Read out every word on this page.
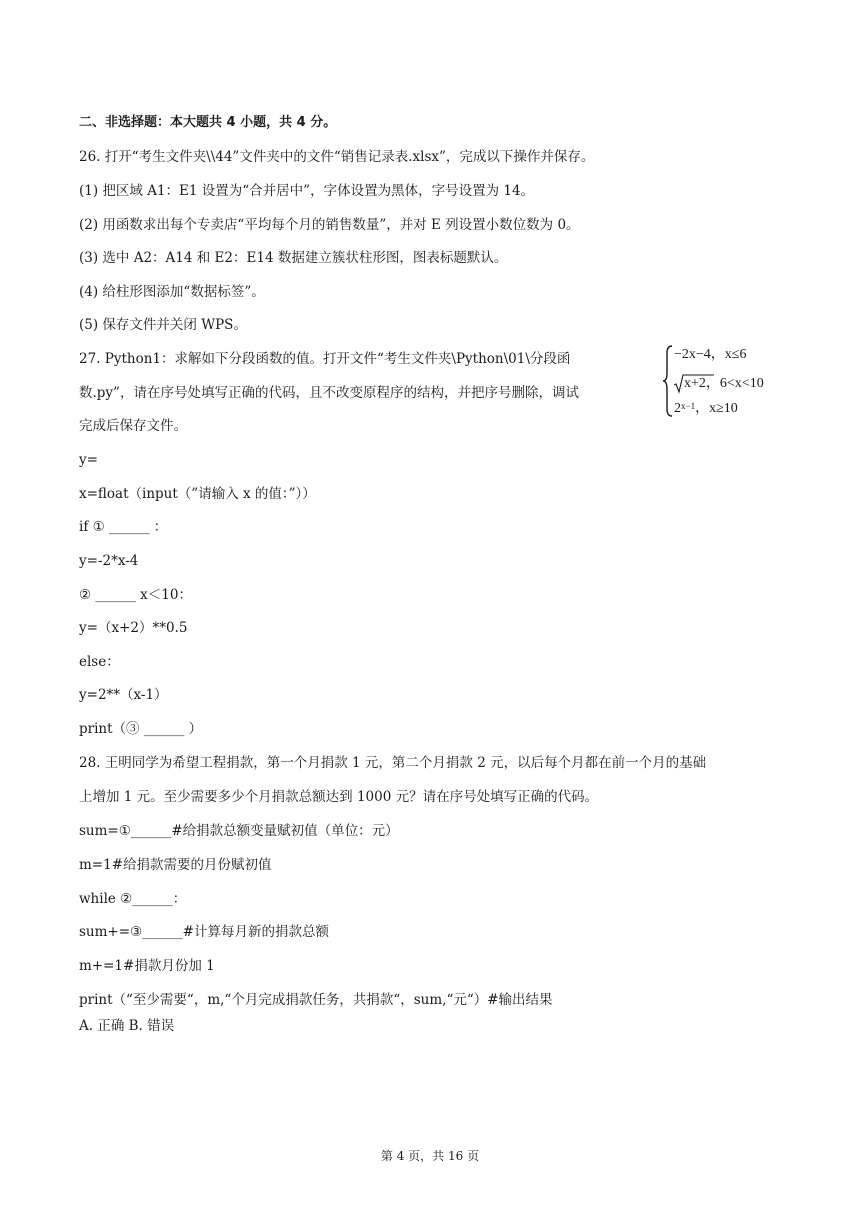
二、非选择题：本大题共 4 小题，共 4 分。
26. 打开“考生文件夹\\44”文件夹中的文件“销售记录表.xlsx”，完成以下操作并保存。
(1) 把区域 A1：E1 设置为“合并居中”，字体设置为黑体，字号设置为 14。
(2) 用函数求出每个专卖店“平均每个月的销售数量”，并对 E 列设置小数位数为 0。
(3) 选中 A2：A14 和 E2：E14 数据建立簇状柱形图，图表标题默认。
(4) 给柱形图添加“数据标签”。
(5) 保存文件并关闭 WPS。
27. Python1：求解如下分段函数的值。打开文件“考生文件夹\Python\01\分段函
数.py”，请在序号处填写正确的代码，且不改变原程序的结构，并把序号删除，调试
完成后保存文件。
−2x−4，x≤6
x+2，6<x<10
$2^{x-1}$，x≥10
y=
x=float（input（”请输入 x 的值：”））
if ① ______ ：
y=-2*x-4
② ______ x＜10：
y=（x+2）**0.5
else：
y=2**（x-1）
print（③ ______ ）
28. 王明同学为希望工程捐款，第一个月捐款 1 元，第二个月捐款 2 元，以后每个月都在前一个月的基础
上增加 1 元。至少需要多少个月捐款总额达到 1000 元？请在序号处填写正确的代码。
sum=①______#给捐款总额变量赋初值（单位：元）
m=1#给捐款需要的月份赋初值
while ②______：
sum+=③______#计算每月新的捐款总额
m+=1#捐款月份加 1
print（“至少需要“，m,“个月完成捐款任务，共捐款“，sum,“元“）#输出结果
A. 正确 B. 错误
第 4 页，共 16 页
